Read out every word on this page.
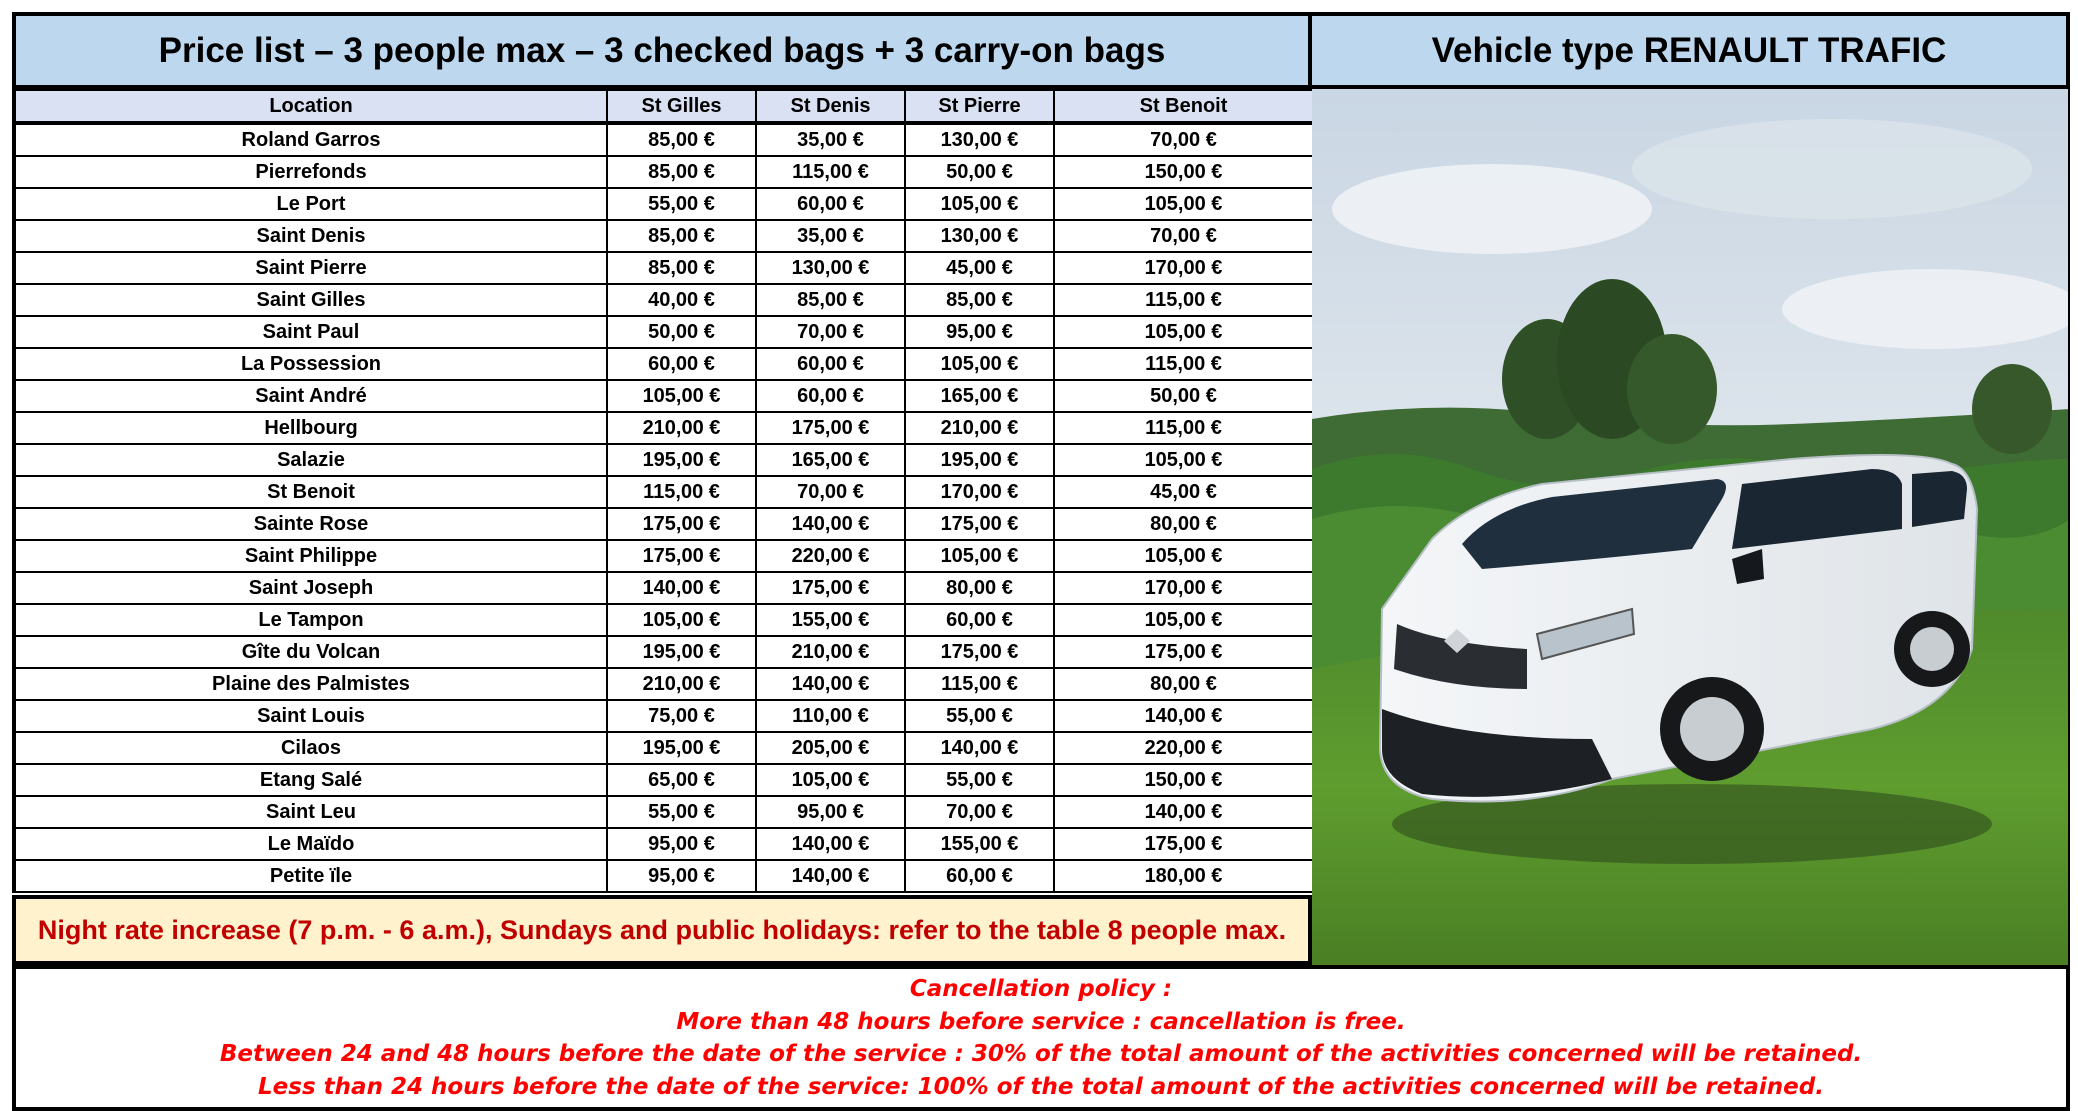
Price list – 3 people max – 3 checked bags + 3 carry-on bags
Location	St Gilles	St Denis	St Pierre	St Benoit
Roland Garros	85,00 €	35,00 €	130,00 €	70,00 €
Pierrefonds	85,00 €	115,00 €	50,00 €	150,00 €
Le Port	55,00 €	60,00 €	105,00 €	105,00 €
Saint Denis	85,00 €	35,00 €	130,00 €	70,00 €
Saint Pierre	85,00 €	130,00 €	45,00 €	170,00 €
Saint Gilles	40,00 €	85,00 €	85,00 €	115,00 €
Saint Paul	50,00 €	70,00 €	95,00 €	105,00 €
La Possession	60,00 €	60,00 €	105,00 €	115,00 €
Saint André	105,00 €	60,00 €	165,00 €	50,00 €
Hellbourg	210,00 €	175,00 €	210,00 €	115,00 €
Salazie	195,00 €	165,00 €	195,00 €	105,00 €
St Benoit	115,00 €	70,00 €	170,00 €	45,00 €
Sainte Rose	175,00 €	140,00 €	175,00 €	80,00 €
Saint Philippe	175,00 €	220,00 €	105,00 €	105,00 €
Saint Joseph	140,00 €	175,00 €	80,00 €	170,00 €
Le Tampon	105,00 €	155,00 €	60,00 €	105,00 €
Gîte du Volcan	195,00 €	210,00 €	175,00 €	175,00 €
Plaine des Palmistes	210,00 €	140,00 €	115,00 €	80,00 €
Saint Louis	75,00 €	110,00 €	55,00 €	140,00 €
Cilaos	195,00 €	205,00 €	140,00 €	220,00 €
Etang Salé	65,00 €	105,00 €	55,00 €	150,00 €
Saint Leu	55,00 €	95,00 €	70,00 €	140,00 €
Le Maïdo	95,00 €	140,00 €	155,00 €	175,00 €
Petite ïle	95,00 €	140,00 €	60,00 €	180,00 €
Night rate increase (7 p.m. - 6 a.m.), Sundays and public holidays: refer to the table 8 people max.
Vehicle type RENAULT TRAFIC
Cancellation policy :
More than 48 hours before service : cancellation is free.
Between 24 and 48 hours before the date of the service : 30% of the total amount of the activities concerned will be retained.
Less than 24 hours before the date of the service: 100% of the total amount of the activities concerned will be retained.
